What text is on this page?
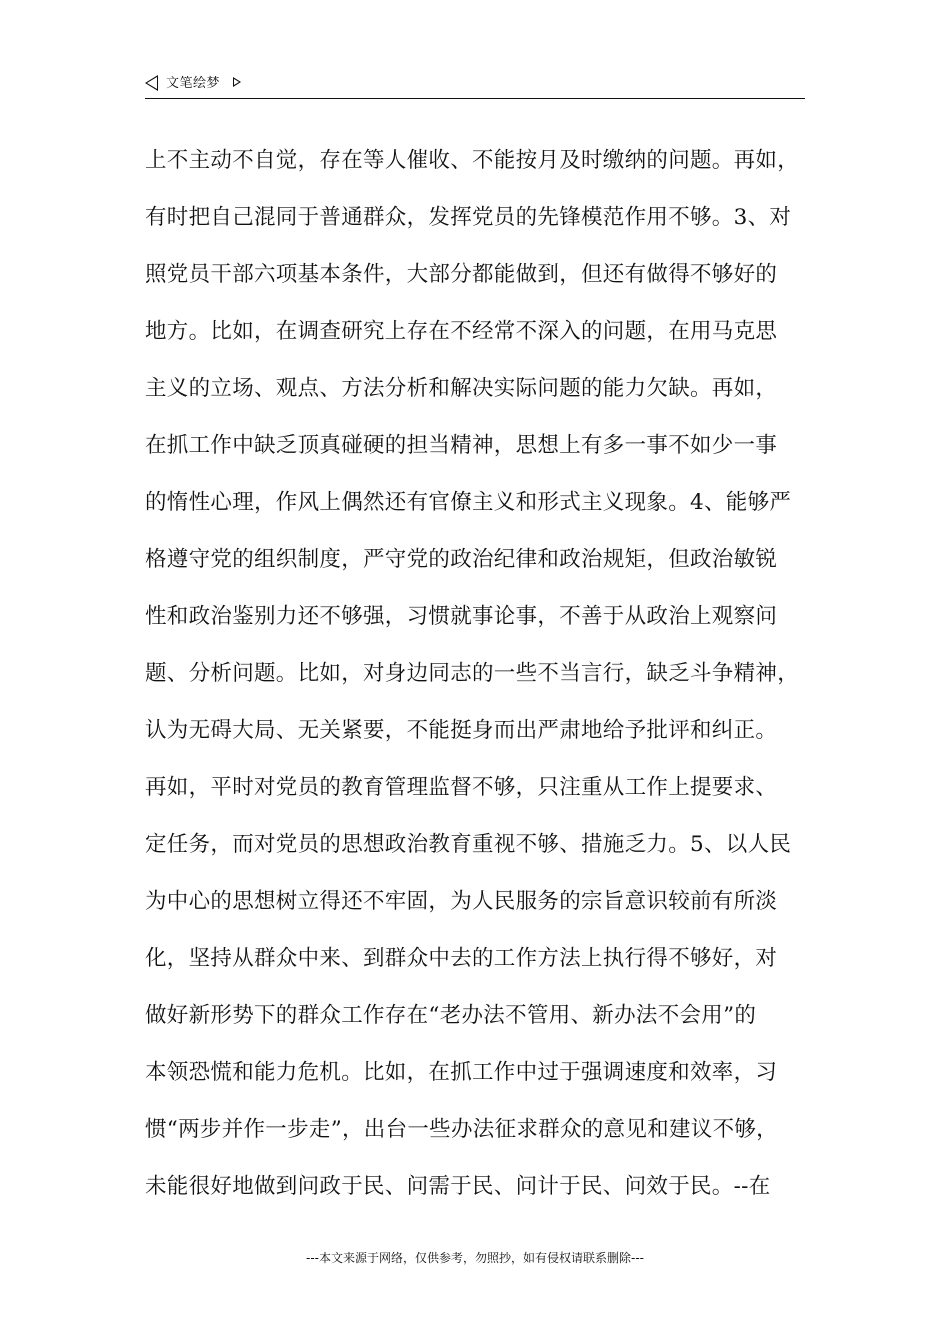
文笔绘梦
上不主动不自觉，存在等人催收、不能按月及时缴纳的问题。再如，
有时把自己混同于普通群众，发挥党员的先锋模范作用不够。3、对
照党员干部六项基本条件，大部分都能做到，但还有做得不够好的
地方。比如，在调查研究上存在不经常不深入的问题，在用马克思
主义的立场、观点、方法分析和解决实际问题的能力欠缺。再如，
在抓工作中缺乏顶真碰硬的担当精神，思想上有多一事不如少一事
的惰性心理，作风上偶然还有官僚主义和形式主义现象。4、能够严
格遵守党的组织制度，严守党的政治纪律和政治规矩，但政治敏锐
性和政治鉴别力还不够强，习惯就事论事，不善于从政治上观察问
题、分析问题。比如，对身边同志的一些不当言行，缺乏斗争精神，
认为无碍大局、无关紧要，不能挺身而出严肃地给予批评和纠正。
再如，平时对党员的教育管理监督不够，只注重从工作上提要求、
定任务，而对党员的思想政治教育重视不够、措施乏力。5、以人民
为中心的思想树立得还不牢固，为人民服务的宗旨意识较前有所淡
化，坚持从群众中来、到群众中去的工作方法上执行得不够好，对
做好新形势下的群众工作存在“老办法不管用、新办法不会用”的
本领恐慌和能力危机。比如，在抓工作中过于强调速度和效率，习
惯“两步并作一步走”，出台一些办法征求群众的意见和建议不够，
未能很好地做到问政于民、问需于民、问计于民、问效于民。--在
---本文来源于网络，仅供参考，勿照抄，如有侵权请联系删除---
